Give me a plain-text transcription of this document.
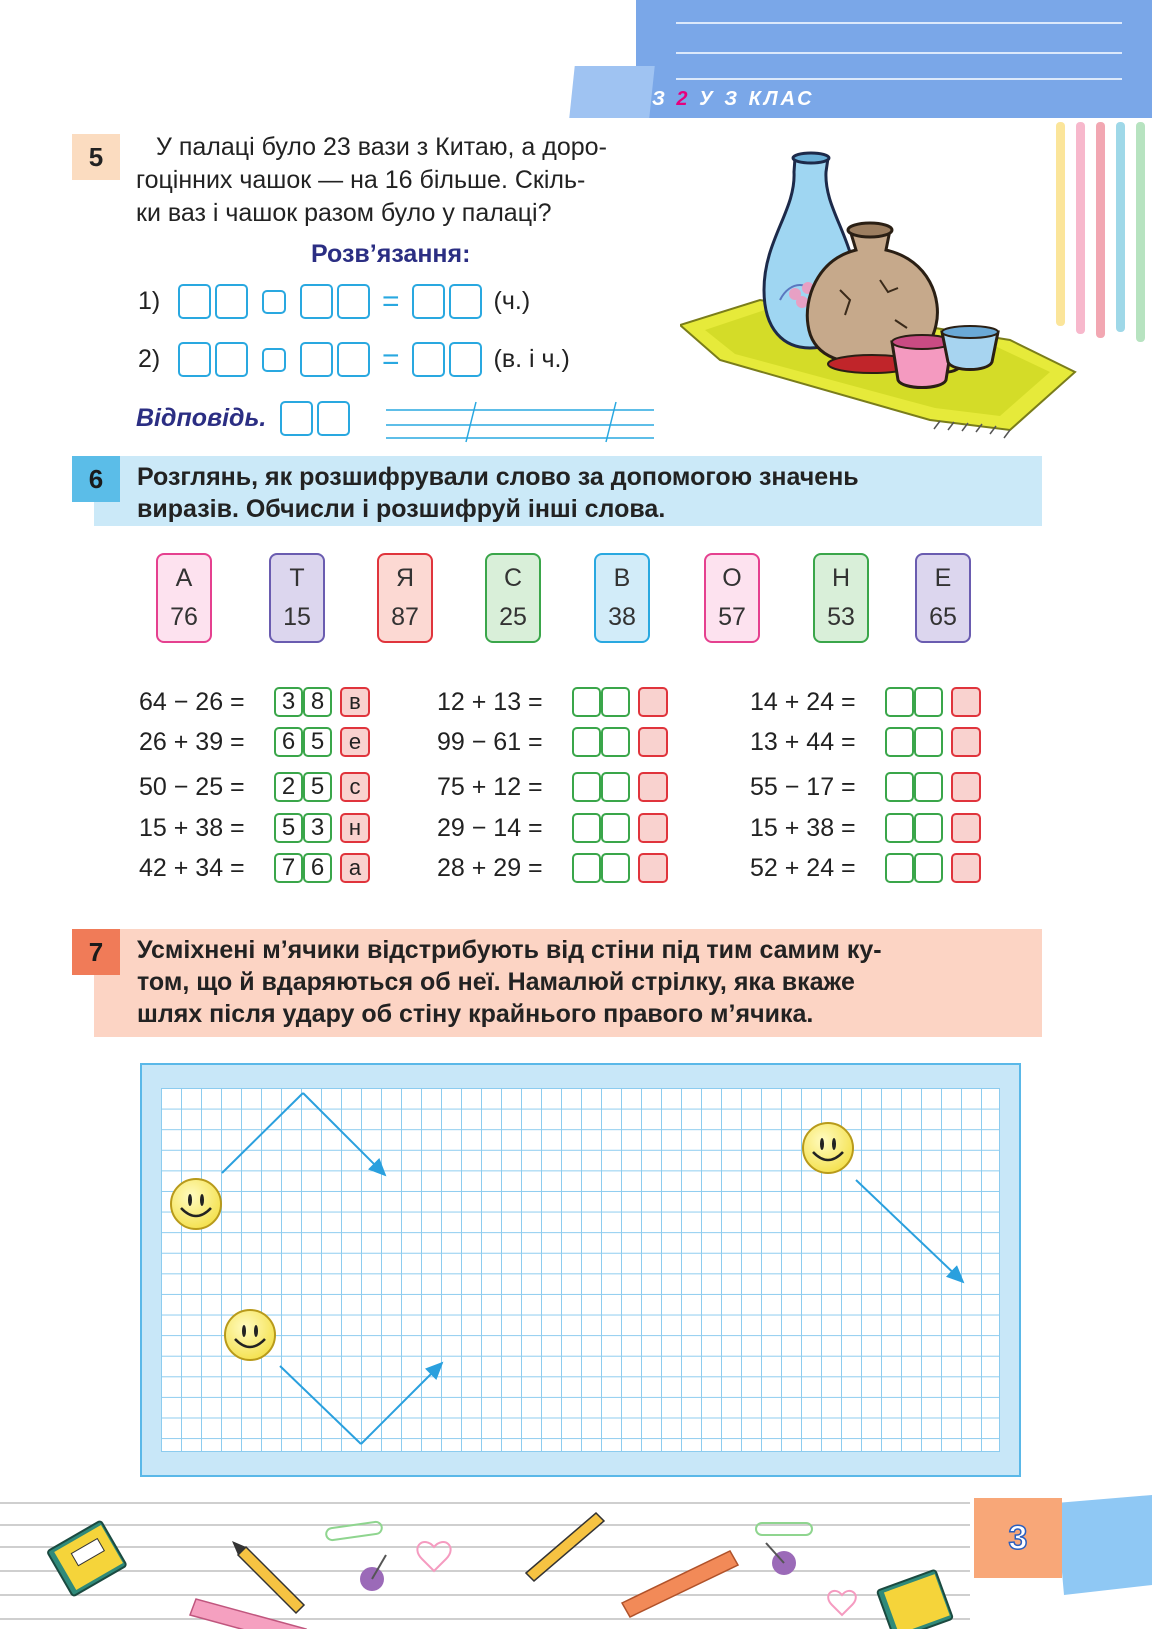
З 2 У З КЛАС
5	У палаці було 23 вази з Китаю, а доро-
гоцінних чашок — на 16 більше. Скіль-
ки ваз і чашок разом було у палаці?
Розв’язання:
1)	=	(ч.)
2)	=	(в. і ч.)
Відповідь.
6 Розглянь, як розшифрували слово за допомогою значень
виразів. Обчисли і розшифруй інші слова.
А
76
Т
15
Я
87
С
25
В
38
О
57
Н
53
Е
65
64 − 26 =	3 8	в
26 + 39 =	6 5	е
50 − 25 =	2 5	с
15 + 38 =	5 3	н
42 + 34 =	7 6	а
12 + 13 =
99 − 61 =
75 + 12 =
29 − 14 =
28 + 29 =
14 + 24 =
13 + 44 =
55 − 17 =
15 + 38 =
52 + 24 =
7 Усміхнені м’ячики відстрибують від стіни під тим самим ку-
том, що й вдаряються об неї. Намалюй стрілку, яка вкаже
шлях після удару об стіну крайнього правого м’ячика.
3
